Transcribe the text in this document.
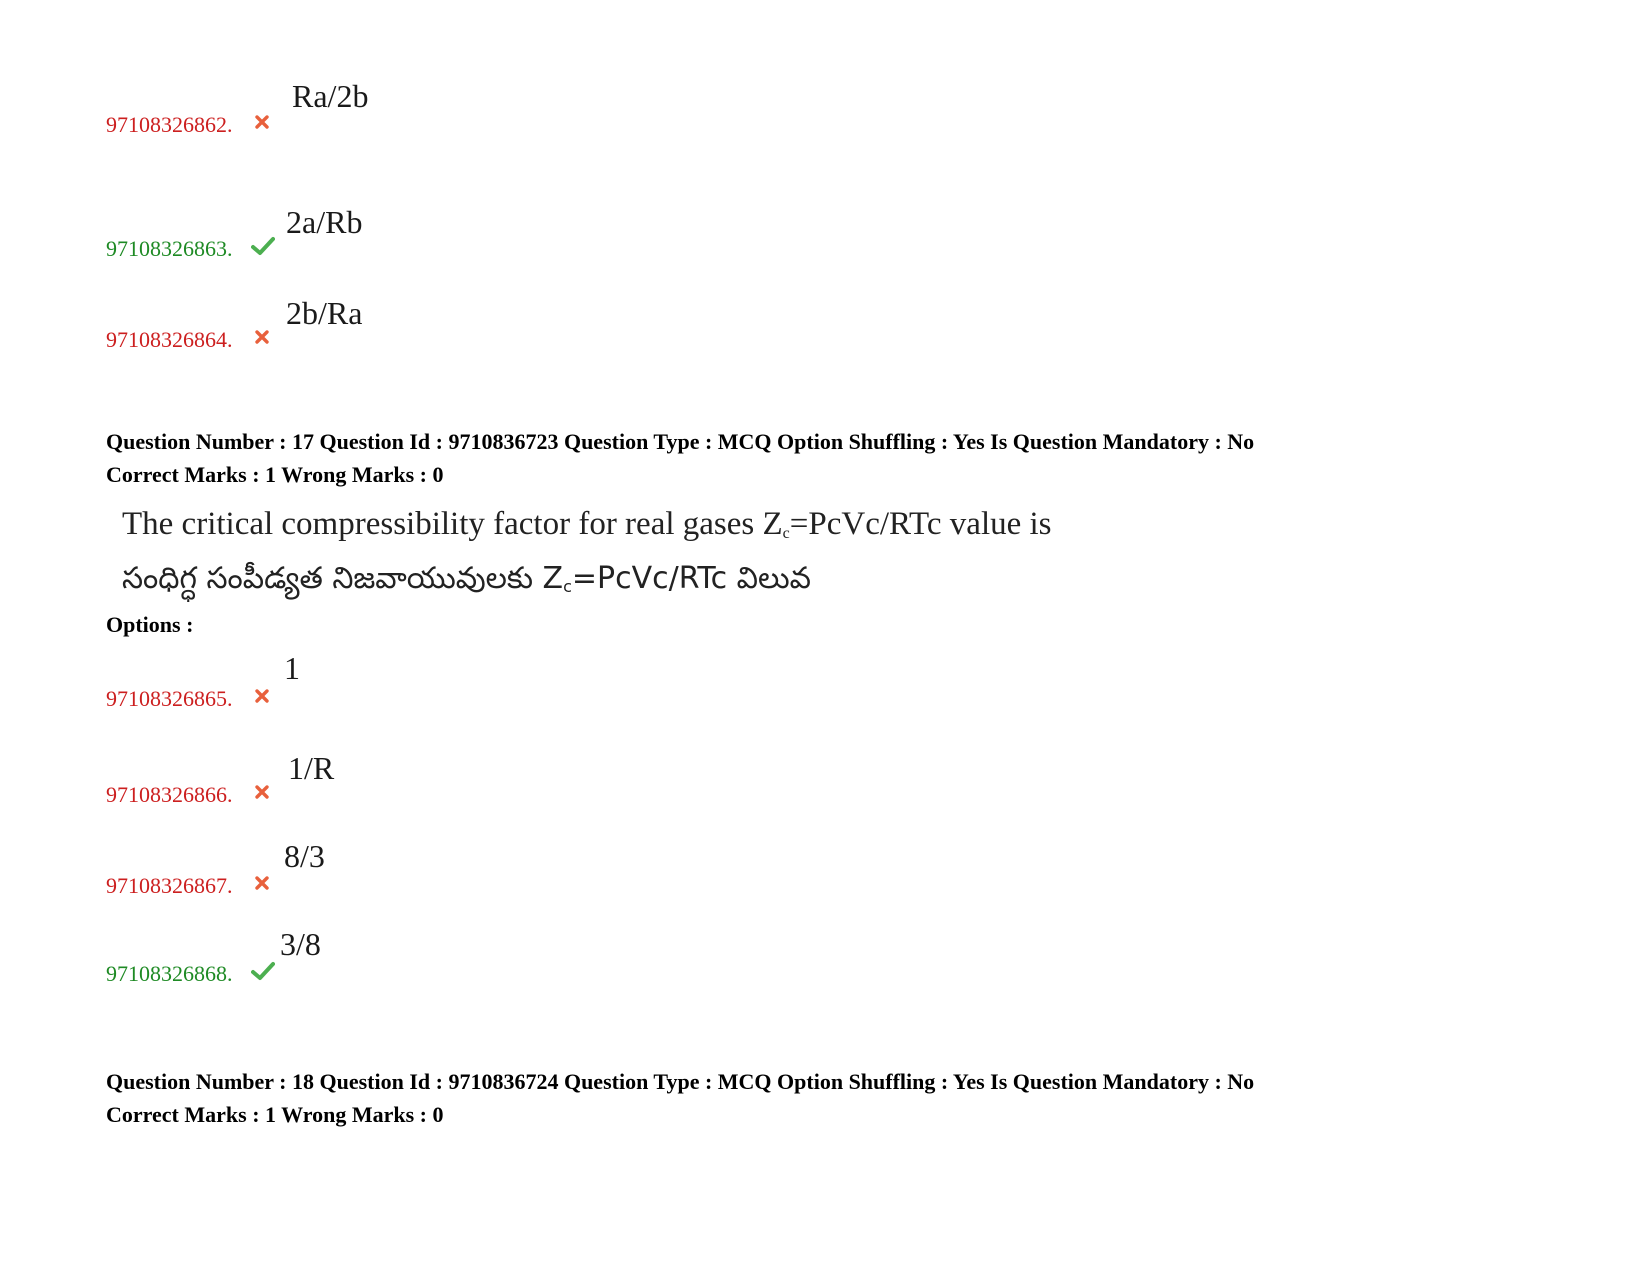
97108326862.
Ra/2b
97108326863.
2a/Rb
97108326864.
2b/Ra
Question Number : 17 Question Id : 9710836723 Question Type : MCQ Option Shuffling : Yes Is Question Mandatory : No
Correct Marks : 1 Wrong Marks : 0
The critical compressibility factor for real gases $Z_c=PcVc$/RTc value is
సంధిగ్ధ సంపీడ్యత నిజవాయువులకు $Z_c=PcVc$/RTc విలువ
Options :
97108326865.
1
97108326866.
1/R
97108326867.
8/3
97108326868.
3/8
Question Number : 18 Question Id : 9710836724 Question Type : MCQ Option Shuffling : Yes Is Question Mandatory : No
Correct Marks : 1 Wrong Marks : 0
